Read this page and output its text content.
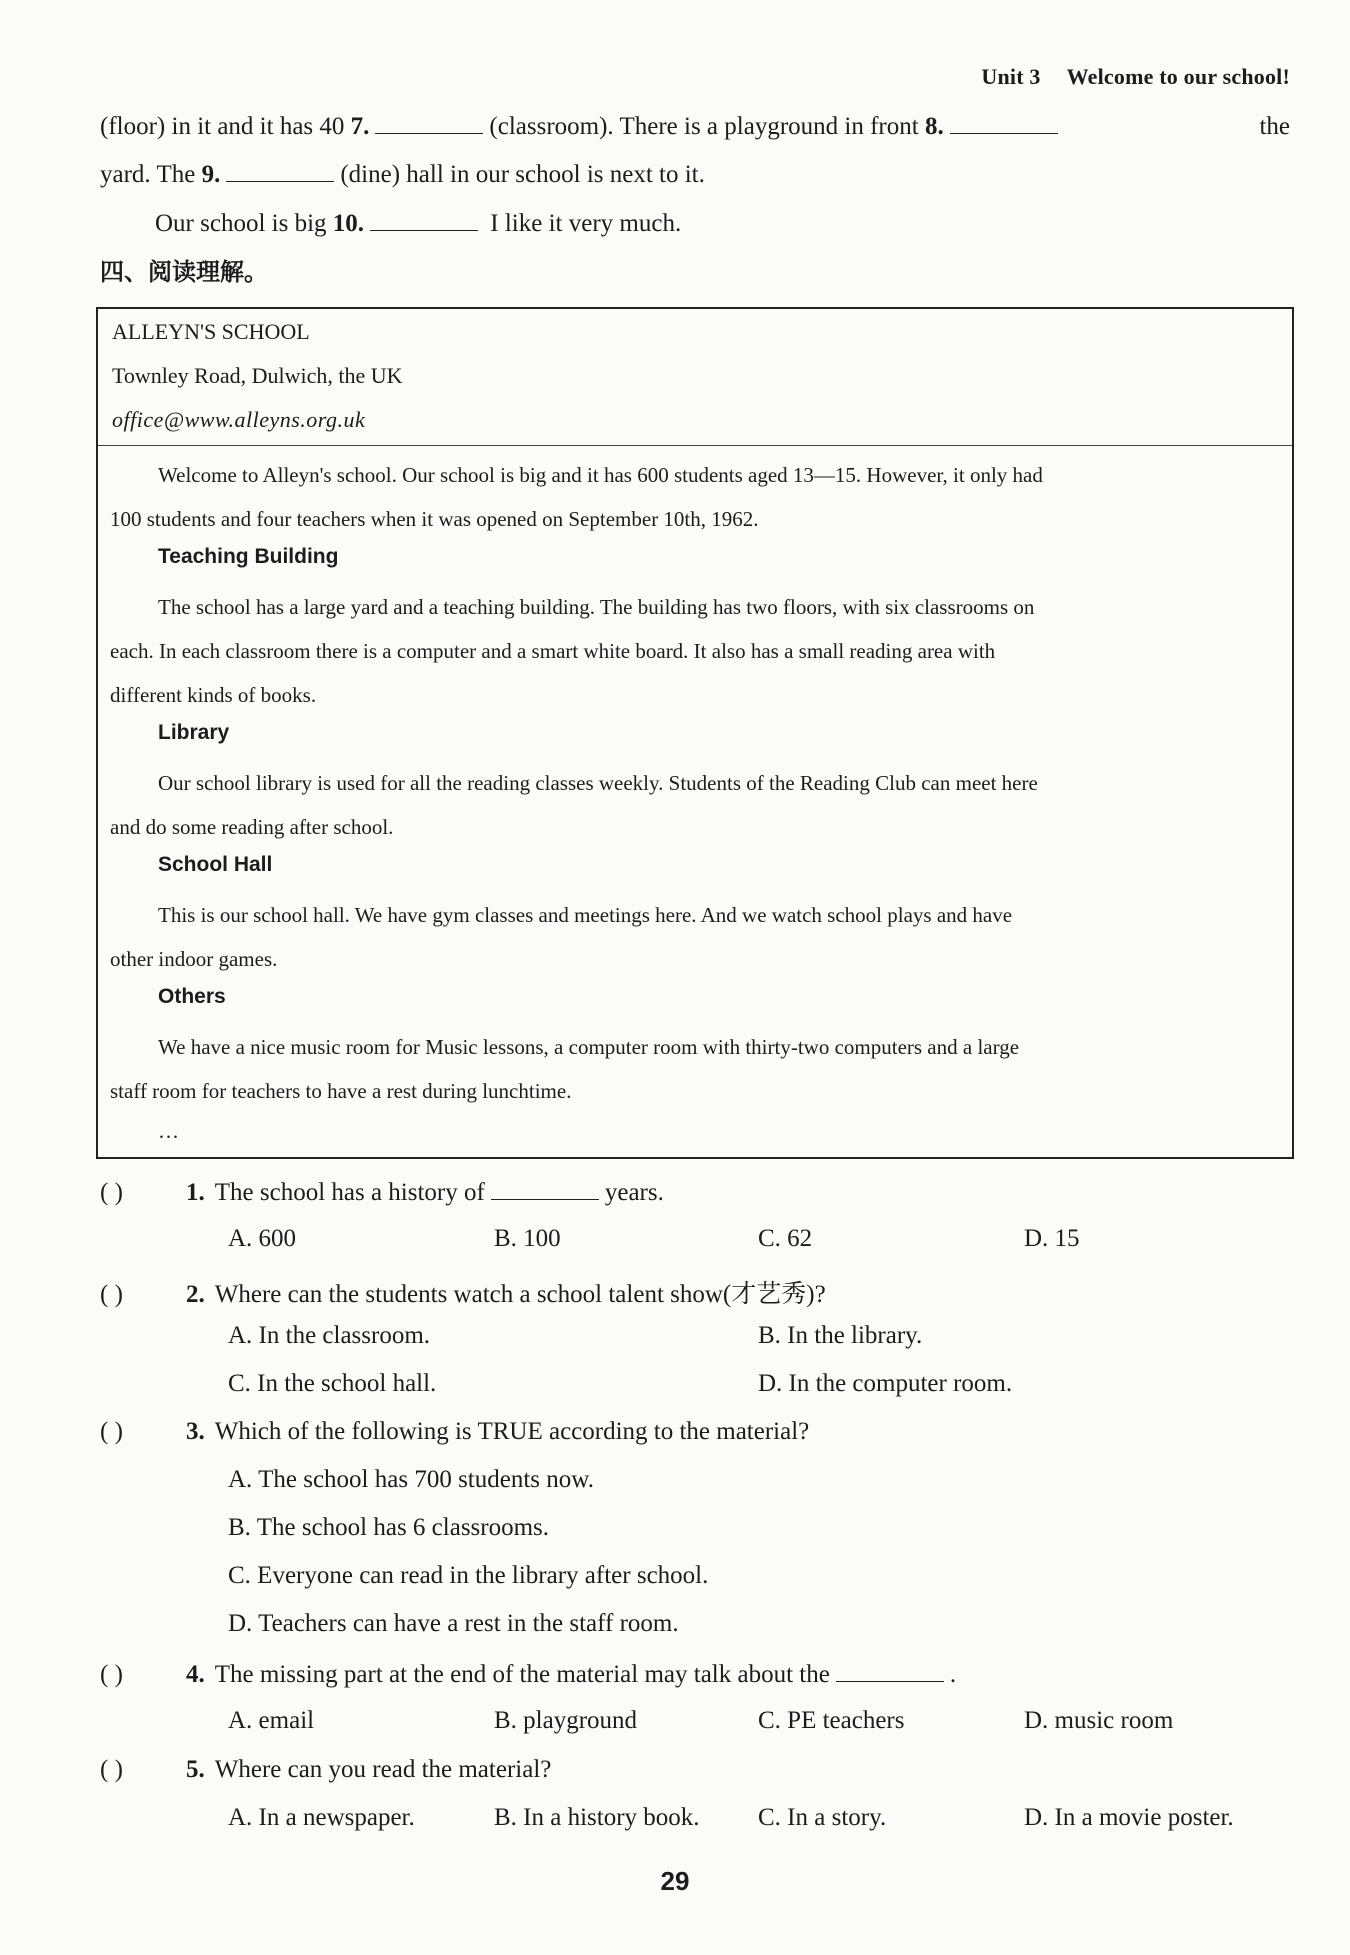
Unit 3 Welcome to our school!
(floor) in it and it has 40 7.	(classroom). There is a playground in front 8.	the
yard. The 9.	(dine) hall in our school is next to it.
Our school is big 10.	I like it very much.
四、阅读理解。
ALLEYN'S SCHOOL
Townley Road, Dulwich, the UK
office@www.alleyns.org.uk
Welcome to Alleyn's school. Our school is big and it has 600 students aged 13—15. However, it only had
100 students and four teachers when it was opened on September 10th, 1962.
Teaching Building
The school has a large yard and a teaching building. The building has two floors, with six classrooms on
each. In each classroom there is a computer and a smart white board. It also has a small reading area with
different kinds of books.
Library
Our school library is used for all the reading classes weekly. Students of the Reading Club can meet here
and do some reading after school.
School Hall
This is our school hall. We have gym classes and meetings here. And we watch school plays and have
other indoor games.
Others
We have a nice music room for Music lessons, a computer room with thirty-two computers and a large
staff room for teachers to have a rest during lunchtime.
…
( )	1. The school has a history of	years.
A. 600	B. 100	C. 62	D. 15
( )	2. Where can the students watch a school talent show(才艺秀)?
A. In the classroom.	B. In the library.
C. In the school hall.	D. In the computer room.
( )	3. Which of the following is TRUE according to the material?
A. The school has 700 students now.
B. The school has 6 classrooms.
C. Everyone can read in the library after school.
D. Teachers can have a rest in the staff room.
( )	4. The missing part at the end of the material may talk about the	.
A. email	B. playground	C. PE teachers	D. music room
( )	5. Where can you read the material?
A. In a newspaper.	B. In a history book. C. In a story.	D. In a movie poster.
29
